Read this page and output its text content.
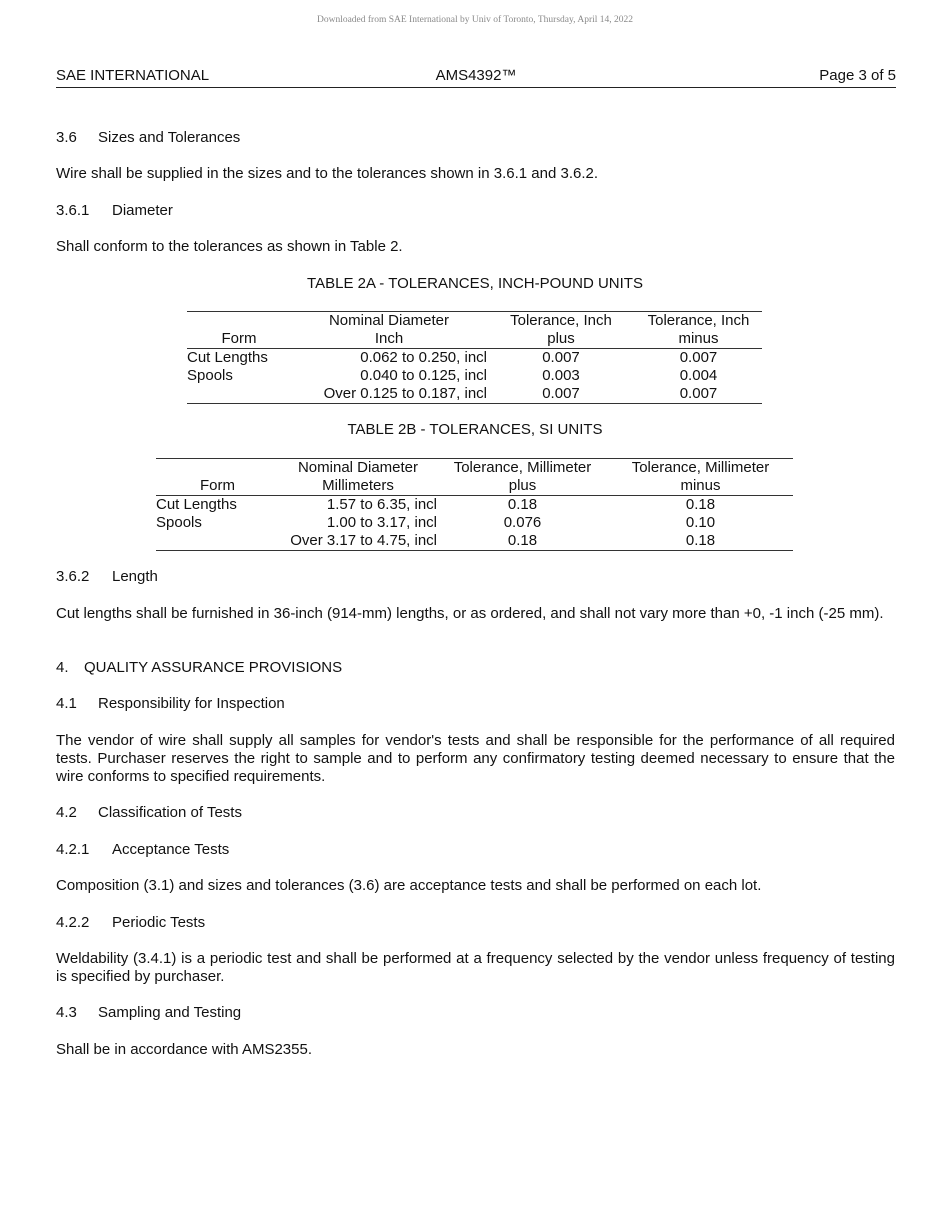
Downloaded from SAE International by Univ of Toronto, Thursday, April 14, 2022
SAE INTERNATIONAL	AMS4392™	Page 3 of 5
3.6 Sizes and Tolerances
Wire shall be supplied in the sizes and to the tolerances shown in 3.6.1 and 3.6.2.
3.6.1 Diameter
Shall conform to the tolerances as shown in Table 2.
TABLE 2A - TOLERANCES, INCH-POUND UNITS
	Nominal Diameter	Tolerance, Inch	Tolerance, Inch
Form	Inch	plus	minus
Cut Lengths	0.062 to 0.250, incl	0.007	0.007
Spools	0.040 to 0.125, incl	0.003	0.004
	Over 0.125 to 0.187, incl	0.007	0.007
TABLE 2B - TOLERANCES, SI UNITS
	Nominal Diameter	Tolerance, Millimeter	Tolerance, Millimeter
Form	Millimeters	plus	minus
Cut Lengths	1.57 to 6.35, incl	0.18	0.18
Spools	1.00 to 3.17, incl	0.076	0.10
	Over 3.17 to 4.75, incl	0.18	0.18
3.6.2 Length
Cut lengths shall be furnished in 36-inch (914-mm) lengths, or as ordered, and shall not vary more than +0, -1 inch (-25 mm).
4. QUALITY ASSURANCE PROVISIONS
4.1 Responsibility for Inspection
The vendor of wire shall supply all samples for vendor's tests and shall be responsible for the performance of all required tests. Purchaser reserves the right to sample and to perform any confirmatory testing deemed necessary to ensure that the wire conforms to specified requirements.
4.2 Classification of Tests
4.2.1 Acceptance Tests
Composition (3.1) and sizes and tolerances (3.6) are acceptance tests and shall be performed on each lot.
4.2.2 Periodic Tests
Weldability (3.4.1) is a periodic test and shall be performed at a frequency selected by the vendor unless frequency of testing is specified by purchaser.
4.3 Sampling and Testing
Shall be in accordance with AMS2355.
